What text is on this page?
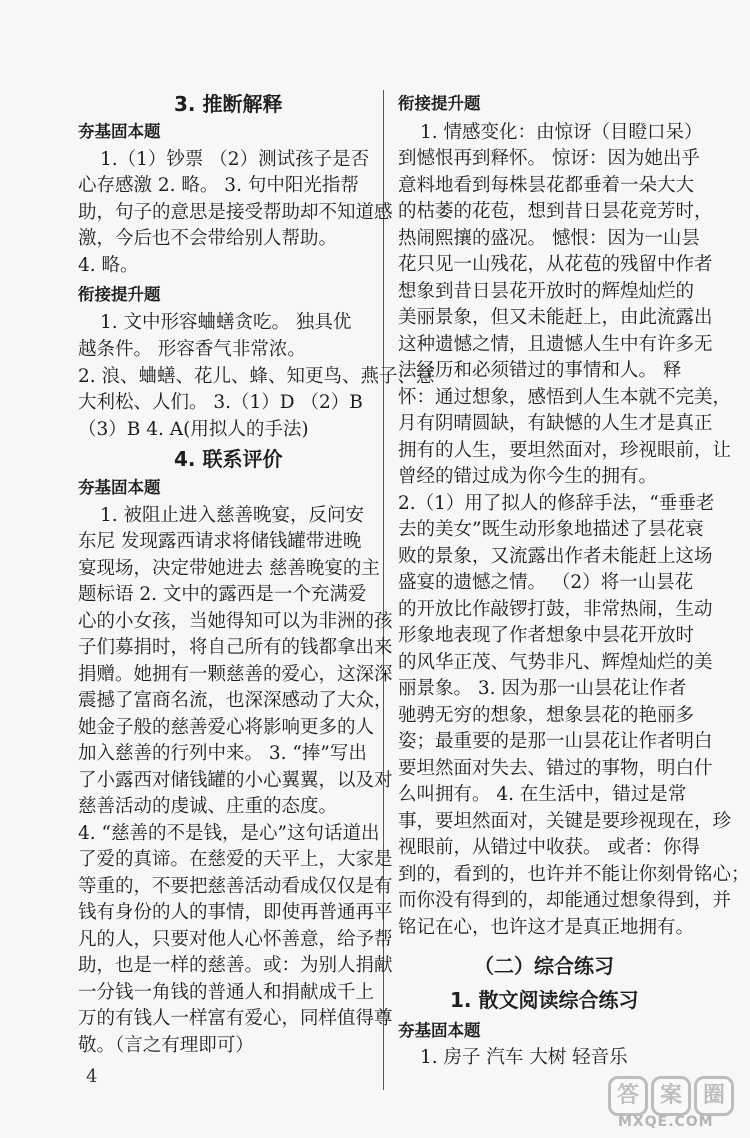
3. 推断解释
夯基固本题
1.（1）钞票 （2）测试孩子是否
心存感激 2. 略。 3. 句中阳光指帮
助，句子的意思是接受帮助却不知道感
激，今后也不会带给别人帮助。
4. 略。
衔接提升题
1. 文中形容蛐蟮贪吃。 独具优
越条件。 形容香气非常浓。
2. 浪、蛐蟮、花儿、蜂、知更鸟、燕子、意
大利松、人们。 3.（1）D （2）B
（3）B 4. A(用拟人的手法)
4. 联系评价
夯基固本题
1. 被阻止进入慈善晚宴，反问安
东尼 发现露西请求将储钱罐带进晚
宴现场，决定带她进去 慈善晚宴的主
题标语 2. 文中的露西是一个充满爱
心的小女孩，当她得知可以为非洲的孩
子们募捐时，将自己所有的钱都拿出来
捐赠。她拥有一颗慈善的爱心，这深深
震撼了富商名流，也深深感动了大众，
她金子般的慈善爱心将影响更多的人
加入慈善的行列中来。 3. “捧”写出
了小露西对储钱罐的小心翼翼，以及对
慈善活动的虔诚、庄重的态度。
4. “慈善的不是钱，是心”这句话道出
了爱的真谛。在慈爱的天平上，大家是
等重的，不要把慈善活动看成仅仅是有
钱有身份的人的事情，即使再普通再平
凡的人，只要对他人心怀善意，给予帮
助，也是一样的慈善。或：为别人捐献
一分钱一角钱的普通人和捐献成千上
万的有钱人一样富有爱心，同样值得尊
敬。（言之有理即可）
衔接提升题
1. 情感变化：由惊讶（目瞪口呆）
到憾恨再到释怀。 惊讶：因为她出乎
意料地看到每株昙花都垂着一朵大大
的枯萎的花苞，想到昔日昙花竞芳时，
热闹熙攘的盛况。 憾恨：因为一山昙
花只见一山残花，从花苞的残留中作者
想象到昔日昙花开放时的辉煌灿烂的
美丽景象，但又未能赶上，由此流露出
这种遗憾之情，且遗憾人生中有许多无
法经历和必须错过的事情和人。 释
怀：通过想象，感悟到人生本就不完美，
月有阴晴圆缺，有缺憾的人生才是真正
拥有的人生，要坦然面对，珍视眼前，让
曾经的错过成为你今生的拥有。
2.（1）用了拟人的修辞手法，“垂垂老
去的美女”既生动形象地描述了昙花衰
败的景象，又流露出作者未能赶上这场
盛宴的遗憾之情。 （2）将一山昙花
的开放比作敲锣打鼓，非常热闹，生动
形象地表现了作者想象中昙花开放时
的风华正茂、气势非凡、辉煌灿烂的美
丽景象。 3. 因为那一山昙花让作者
驰骋无穷的想象，想象昙花的艳丽多
姿；最重要的是那一山昙花让作者明白
要坦然面对失去、错过的事物，明白什
么叫拥有。 4. 在生活中，错过是常
事，要坦然面对，关键是要珍视现在，珍
视眼前，从错过中收获。 或者：你得
到的，看到的，也许并不能让你刻骨铭心；
而你没有得到的，却能通过想象得到，并
铭记在心，也许这才是真正地拥有。
（二）综合练习
1. 散文阅读综合练习
夯基固本题
1. 房子 汽车 大树 轻音乐
4
答 案 圈
MXQE.COM
